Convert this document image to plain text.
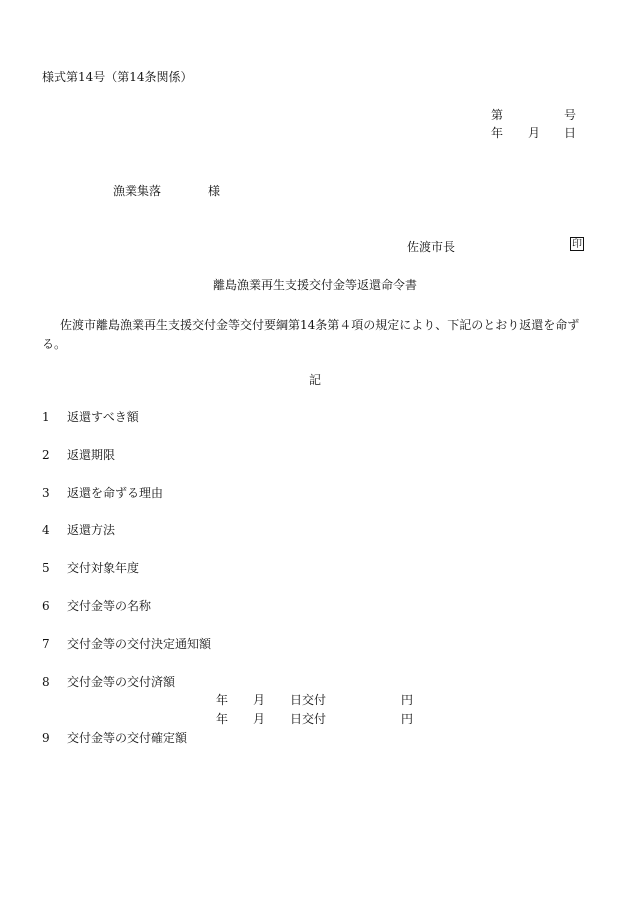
様式第14号（第14条関係）
第	号
年 月 日
漁業集落	様
佐渡市長	印
離島漁業再生支援交付金等返還命令書
佐渡市離島漁業再生支援交付金等交付要綱第14条第４項の規定により、下記のとおり返還を命ずる。
記
1 返還すべき額
2 返還期限
3 返還を命ずる理由
4 返還方法
5 交付対象年度
6 交付金等の名称
7 交付金等の交付決定通知額
8 交付金等の交付済額
年 月 日交付	円
年 月 日交付	円
9 交付金等の交付確定額
